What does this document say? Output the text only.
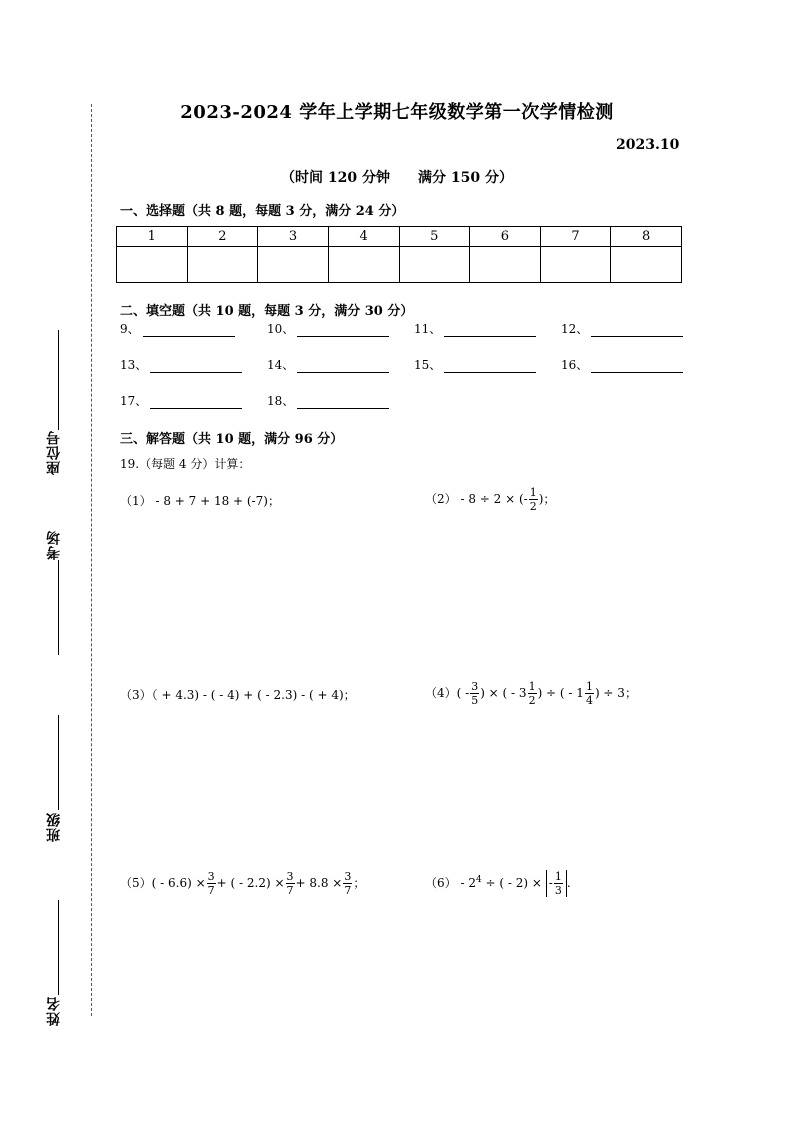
座位号
考场
班级
姓名
2023-2024 学年上学期七年级数学第一次学情检测
2023.10
（时间 120 分钟 满分 150 分）
一、选择题（共 8 题，每题 3 分，满分 24 分）
1	2	3	4	5	6	7	8

二、填空题（共 10 题，每题 3 分，满分 30 分）
9、	10、	11、	12、
13、	14、	15、	16、
17、	18、
三、解答题（共 10 题，满分 96 分）
19.（每题 4 分）计算：
（1） - 8 + 7 + 18 + (-7)；	（2） - 8 ÷ 2 × (- $\frac{1}{2}$ )；
（3）（ + 4.3) - ( - 4) + ( - 2.3) - ( + 4)；	$(4)( - \frac{3}{5}$ ) × ( - $3 \frac{1}{2}$ ) ÷ ( - $1 \frac{1}{4}$ ) ÷ 3；
$(5)( - 6.6) \times \frac{3}{7}$ + ( - $2.2) \times \frac{3}{7} + 8.8 \times \frac{3}{7}$ ；	$(6) - 2^4$ ÷ ( - 2) × - $\frac{1}{3}$ .
